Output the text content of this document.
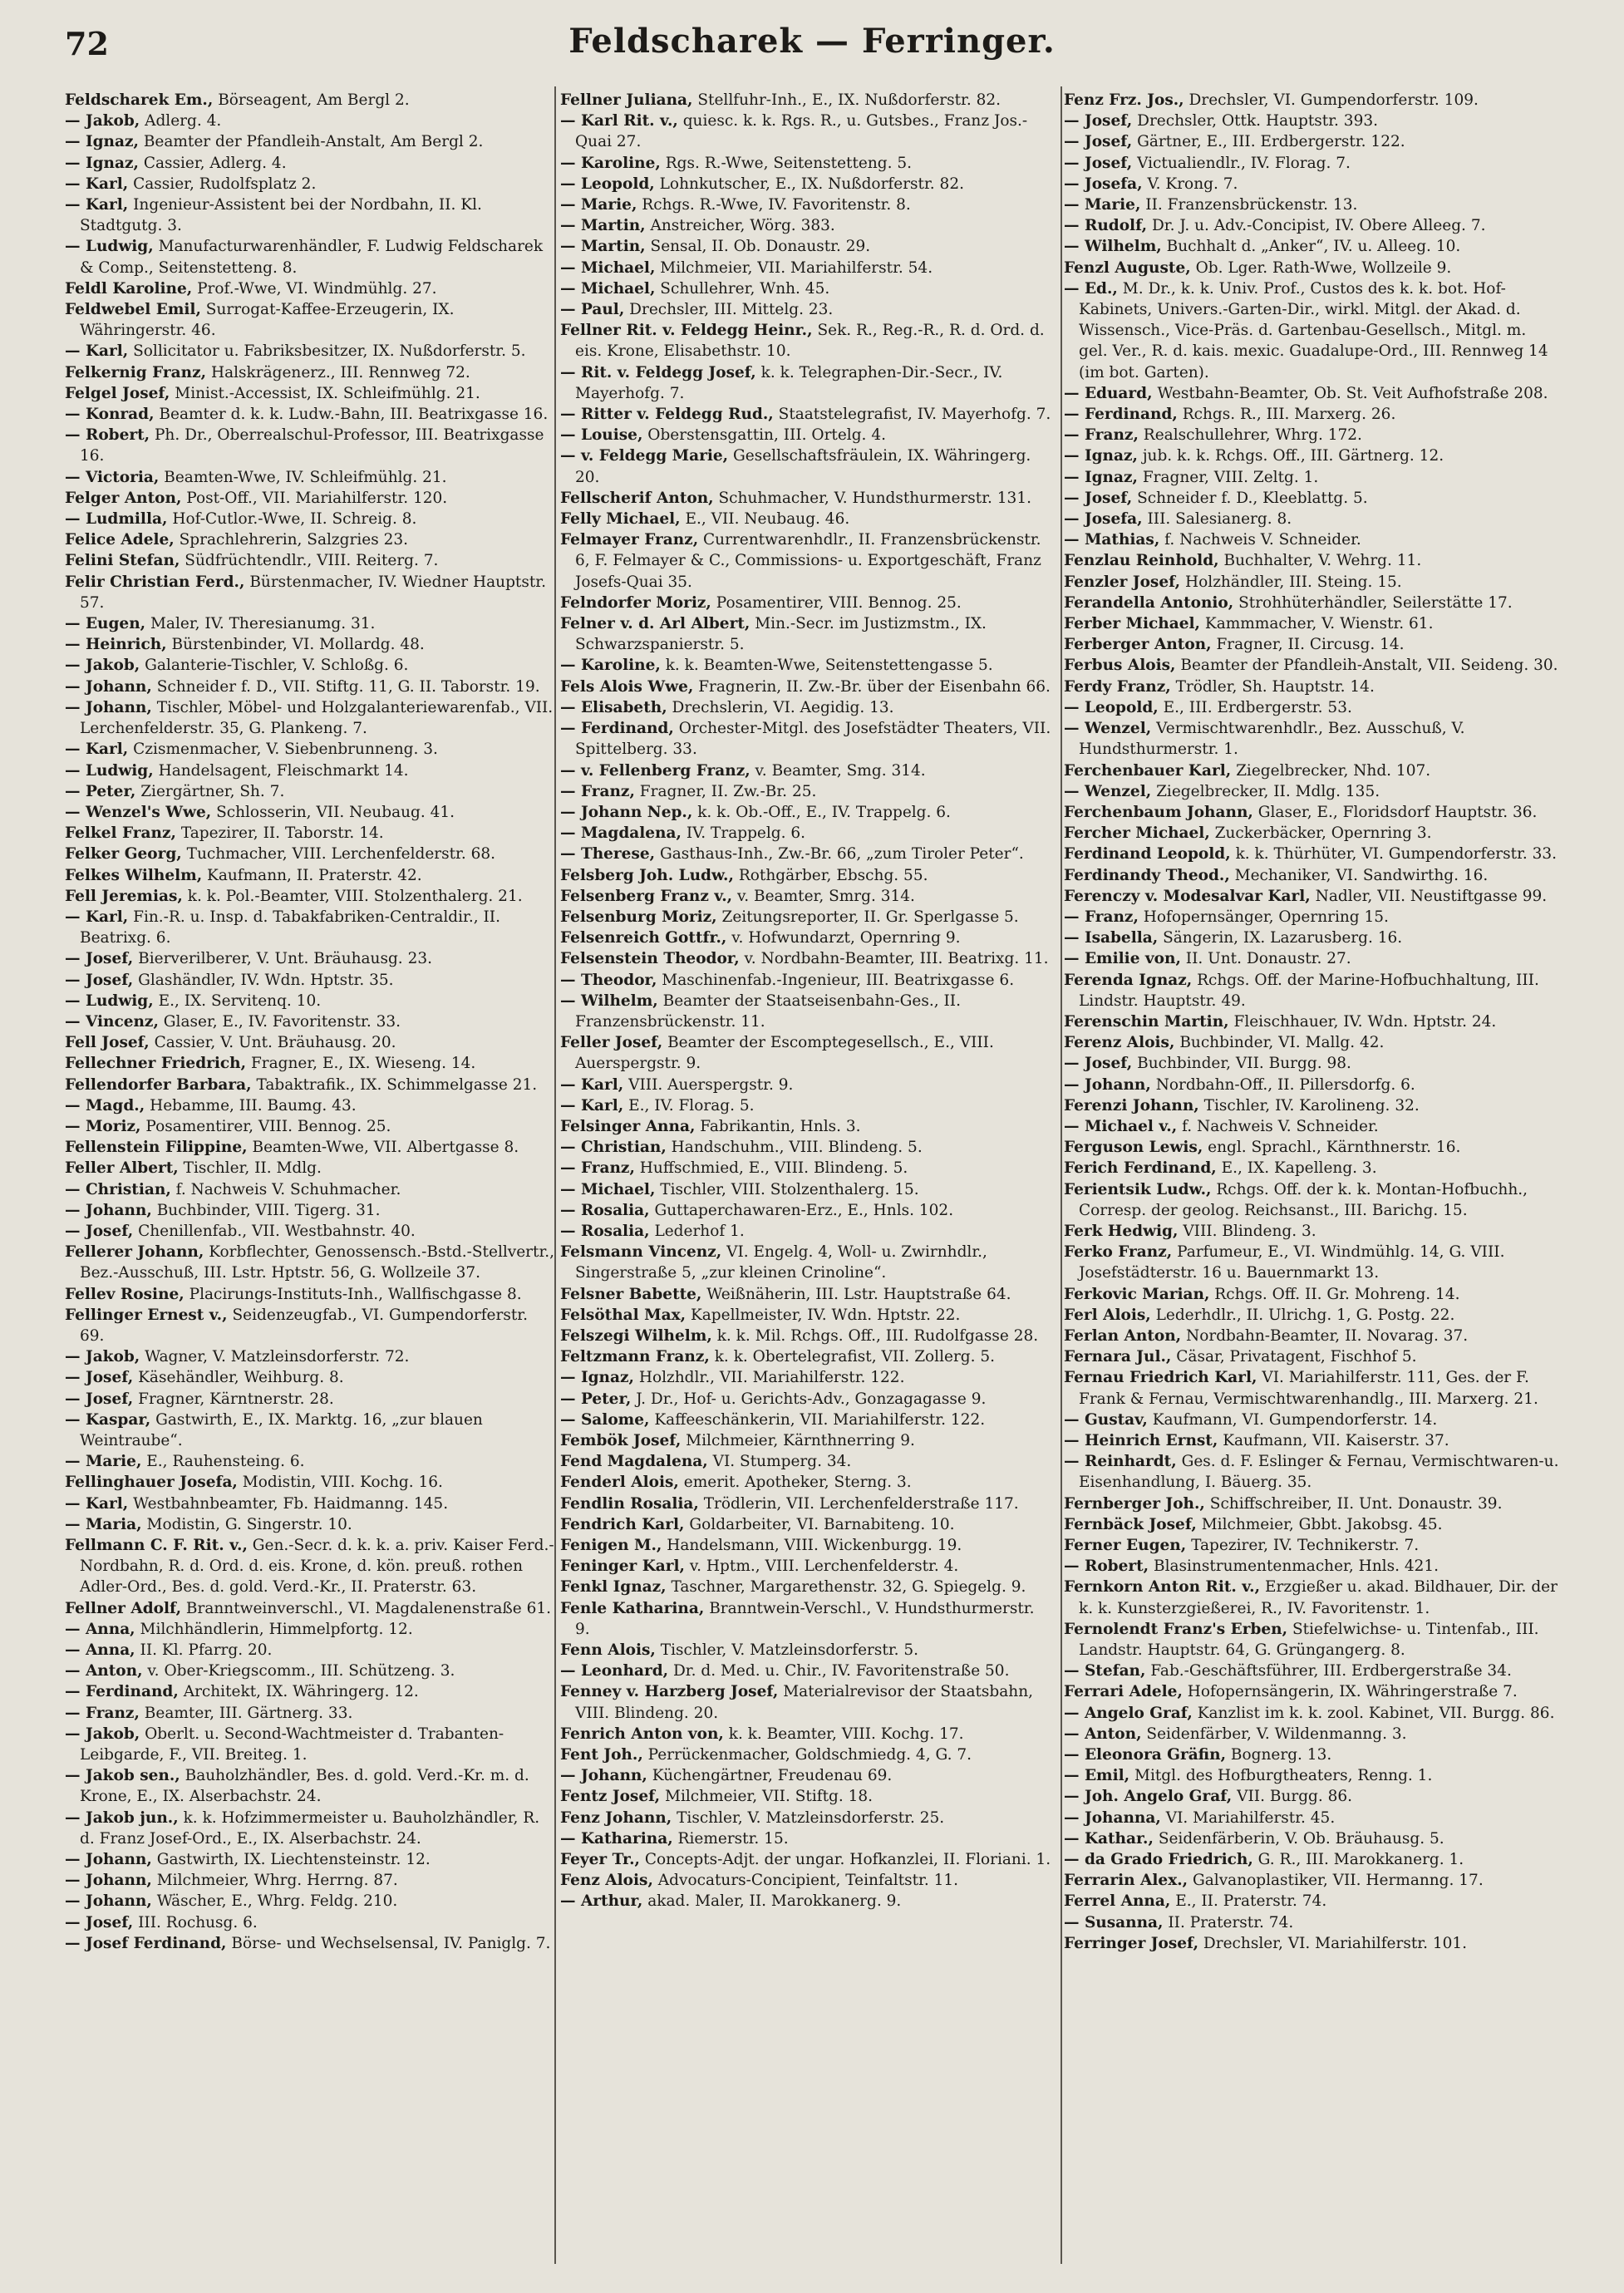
72	Feldscharek — Ferringer.

Feldscharek Em., Börseagent, Am Bergl 2.

— Jakob, Adlerg. 4.

— Ignaz, Beamter der Pfandleih-Anstalt, Am Bergl 2.

— Ignaz, Cassier, Adlerg. 4.

— Karl, Cassier, Rudolfsplatz 2.

— Karl, Ingenieur-Assistent bei der Nordbahn, II. Kl. Stadtgutg. 3.

— Ludwig, Manufacturwarenhändler, F. Ludwig Feldscharek & Comp., Seitenstetteng. 8.

Feldl Karoline, Prof.-Wwe, VI. Windmühlg. 27.

Feldwebel Emil, Surrogat-Kaffee-Erzeugerin, IX. Währingerstr. 46.

— Karl, Sollicitator u. Fabriksbesitzer, IX. Nußdorferstr. 5.

Felkernig Franz, Halskrägenerz., III. Rennweg 72.

Felgel Josef, Minist.-Accessist, IX. Schleifmühlg. 21.

— Konrad, Beamter d. k. k. Ludw.-Bahn, III. Beatrixgasse 16.

— Robert, Ph. Dr., Oberrealschul-Professor, III. Beatrixgasse 16.

— Victoria, Beamten-Wwe, IV. Schleifmühlg. 21.

Felger Anton, Post-Off., VII. Mariahilferstr. 120.

— Ludmilla, Hof-Cutlor.-Wwe, II. Schreig. 8.

Felice Adele, Sprachlehrerin, Salzgries 23.

Felini Stefan, Südfrüchtendlr., VIII. Reiterg. 7.

Felir Christian Ferd., Bürstenmacher, IV. Wiedner Hauptstr. 57.

— Eugen, Maler, IV. Theresianumg. 31.

— Heinrich, Bürstenbinder, VI. Mollardg. 48.

— Jakob, Galanterie-Tischler, V. Schloßg. 6.

— Johann, Schneider f. D., VII. Stiftg. 11, G. II. Taborstr. 19.

— Johann, Tischler, Möbel- und Holzgalanteriewarenfab., VII. Lerchenfelderstr. 35, G. Plankeng. 7.

— Karl, Czismenmacher, V. Siebenbrunneng. 3.

— Ludwig, Handelsagent, Fleischmarkt 14.

— Peter, Ziergärtner, Sh. 7.

— Wenzel's Wwe, Schlosserin, VII. Neubaug. 41.

Felkel Franz, Tapezirer, II. Taborstr. 14.

Felker Georg, Tuchmacher, VIII. Lerchenfelderstr. 68.

Felkes Wilhelm, Kaufmann, II. Praterstr. 42.

Fell Jeremias, k. k. Pol.-Beamter, VIII. Stolzenthalerg. 21.

— Karl, Fin.-R. u. Insp. d. Tabakfabriken-Centraldir., II. Beatrixg. 6.

— Josef, Bierverilberer, V. Unt. Bräuhausg. 23.

— Josef, Glashändler, IV. Wdn. Hptstr. 35.

— Ludwig, E., IX. Servitenq. 10.

— Vincenz, Glaser, E., IV. Favoritenstr. 33.

Fell Josef, Cassier, V. Unt. Bräuhausg. 20.

Fellechner Friedrich, Fragner, E., IX. Wieseng. 14.

Fellendorfer Barbara, Tabaktrafik., IX. Schimmelgasse 21.

— Magd., Hebamme, III. Baumg. 43.

— Moriz, Posamentirer, VIII. Bennog. 25.

Fellenstein Filippine, Beamten-Wwe, VII. Albertgasse 8.

Feller Albert, Tischler, II. Mdlg.

— Christian, f. Nachweis V. Schuhmacher.

— Johann, Buchbinder, VIII. Tigerg. 31.

— Josef, Chenillenfab., VII. Westbahnstr. 40.

Fellerer Johann, Korbflechter, Genossensch.-Bstd.-Stellvertr., Bez.-Ausschuß, III. Lstr. Hptstr. 56, G. Wollzeile 37.

Fellev Rosine, Placirungs-Instituts-Inh., Wallfischgasse 8.

Fellinger Ernest v., Seidenzeugfab., VI. Gumpendorferstr. 69.

— Jakob, Wagner, V. Matzleinsdorferstr. 72.

— Josef, Käsehändler, Weihburg. 8.

— Josef, Fragner, Kärntnerstr. 28.

— Kaspar, Gastwirth, E., IX. Marktg. 16, „zur blauen Weintraube“.

— Marie, E., Rauhensteing. 6.

Fellinghauer Josefa, Modistin, VIII. Kochg. 16.

— Karl, Westbahnbeamter, Fb. Haidmanng. 145.

— Maria, Modistin, G. Singerstr. 10.

Fellmann C. F. Rit. v., Gen.-Secr. d. k. k. a. priv. Kaiser Ferd.-Nordbahn, R. d. Ord. d. eis. Krone, d. kön. preuß. rothen Adler-Ord., Bes. d. gold. Verd.-Kr., II. Praterstr. 63.

Fellner Adolf, Branntweinverschl., VI. Magdalenenstraße 61.

— Anna, Milchhändlerin, Himmelpfortg. 12.

— Anna, II. Kl. Pfarrg. 20.

— Anton, v. Ober-Kriegscomm., III. Schützeng. 3.

— Ferdinand, Architekt, IX. Währingerg. 12.

— Franz, Beamter, III. Gärtnerg. 33.

— Jakob, Oberlt. u. Second-Wachtmeister d. Trabanten-Leibgarde, F., VII. Breiteg. 1.

— Jakob sen., Bauholzhändler, Bes. d. gold. Verd.-Kr. m. d. Krone, E., IX. Alserbachstr. 24.

— Jakob jun., k. k. Hofzimmermeister u. Bauholzhändler, R. d. Franz Josef-Ord., E., IX. Alserbachstr. 24.

— Johann, Gastwirth, IX. Liechtensteinstr. 12.

— Johann, Milchmeier, Whrg. Herrng. 87.

— Johann, Wäscher, E., Whrg. Feldg. 210.

— Josef, III. Rochusg. 6.

— Josef Ferdinand, Börse- und Wechselsensal, IV. Paniglg. 7.

Fellner Juliana, Stellfuhr-Inh., E., IX. Nußdorferstr. 82.

— Karl Rit. v., quiesc. k. k. Rgs. R., u. Gutsbes., Franz Jos.-Quai 27.

— Karoline, Rgs. R.-Wwe, Seitenstetteng. 5.

— Leopold, Lohnkutscher, E., IX. Nußdorferstr. 82.

— Marie, Rchgs. R.-Wwe, IV. Favoritenstr. 8.

— Martin, Anstreicher, Wörg. 383.

— Martin, Sensal, II. Ob. Donaustr. 29.

— Michael, Milchmeier, VII. Mariahilferstr. 54.

— Michael, Schullehrer, Wnh. 45.

— Paul, Drechsler, III. Mittelg. 23.

Fellner Rit. v. Feldegg Heinr., Sek. R., Reg.-R., R. d. Ord. d. eis. Krone, Elisabethstr. 10.

— Rit. v. Feldegg Josef, k. k. Telegraphen-Dir.-Secr., IV. Mayerhofg. 7.

— Ritter v. Feldegg Rud., Staatstelegrafist, IV. Mayerhofg. 7.

— Louise, Oberstensgattin, III. Ortelg. 4.

— v. Feldegg Marie, Gesellschaftsfräulein, IX. Währingerg. 20.

Fellscherif Anton, Schuhmacher, V. Hundsthurmerstr. 131.

Felly Michael, E., VII. Neubaug. 46.

Felmayer Franz, Currentwarenhdlr., II. Franzensbrückenstr. 6, F. Felmayer & C., Commissions- u. Exportgeschäft, Franz Josefs-Quai 35.

Felndorfer Moriz, Posamentirer, VIII. Bennog. 25.

Felner v. d. Arl Albert, Min.-Secr. im Justizmstm., IX. Schwarzspanierstr. 5.

— Karoline, k. k. Beamten-Wwe, Seitenstettengasse 5.

Fels Alois Wwe, Fragnerin, II. Zw.-Br. über der Eisenbahn 66.

— Elisabeth, Drechslerin, VI. Aegidig. 13.

— Ferdinand, Orchester-Mitgl. des Josefstädter Theaters, VII. Spittelberg. 33.

— v. Fellenberg Franz, v. Beamter, Smg. 314.

— Franz, Fragner, II. Zw.-Br. 25.

— Johann Nep., k. k. Ob.-Off., E., IV. Trappelg. 6.

— Magdalena, IV. Trappelg. 6.

— Therese, Gasthaus-Inh., Zw.-Br. 66, „zum Tiroler Peter“.

Felsberg Joh. Ludw., Rothgärber, Ebschg. 55.

Felsenberg Franz v., v. Beamter, Smrg. 314.

Felsenburg Moriz, Zeitungsreporter, II. Gr. Sperlgasse 5.

Felsenreich Gottfr., v. Hofwundarzt, Opernring 9.

Felsenstein Theodor, v. Nordbahn-Beamter, III. Beatrixg. 11.

— Theodor, Maschinenfab.-Ingenieur, III. Beatrixgasse 6.

— Wilhelm, Beamter der Staatseisenbahn-Ges., II. Franzensbrückenstr. 11.

Feller Josef, Beamter der Escomptegesellsch., E., VIII. Auerspergstr. 9.

— Karl, VIII. Auerspergstr. 9.

— Karl, E., IV. Florag. 5.

Felsinger Anna, Fabrikantin, Hnls. 3.

— Christian, Handschuhm., VIII. Blindeng. 5.

— Franz, Huffschmied, E., VIII. Blindeng. 5.

— Michael, Tischler, VIII. Stolzenthalerg. 15.

— Rosalia, Guttaperchawaren-Erz., E., Hnls. 102.

— Rosalia, Lederhof 1.

Felsmann Vincenz, VI. Engelg. 4, Woll- u. Zwirnhdlr., Singerstraße 5, „zur kleinen Crinoline“.

Felsner Babette, Weißnäherin, III. Lstr. Hauptstraße 64.

Felsöthal Max, Kapellmeister, IV. Wdn. Hptstr. 22.

Felszegi Wilhelm, k. k. Mil. Rchgs. Off., III. Rudolfgasse 28.

Feltzmann Franz, k. k. Obertelegrafist, VII. Zollerg. 5.

— Ignaz, Holzhdlr., VII. Mariahilferstr. 122.

— Peter, J. Dr., Hof- u. Gerichts-Adv., Gonzagagasse 9.

— Salome, Kaffeeschänkerin, VII. Mariahilferstr. 122.

Fembök Josef, Milchmeier, Kärnthnerring 9.

Fend Magdalena, VI. Stumperg. 34.

Fenderl Alois, emerit. Apotheker, Sterng. 3.

Fendlin Rosalia, Trödlerin, VII. Lerchenfelderstraße 117.

Fendrich Karl, Goldarbeiter, VI. Barnabiteng. 10.

Fenigen M., Handelsmann, VIII. Wickenburgg. 19.

Feninger Karl, v. Hptm., VIII. Lerchenfelderstr. 4.

Fenkl Ignaz, Taschner, Margarethenstr. 32, G. Spiegelg. 9.

Fenle Katharina, Branntwein-Verschl., V. Hundsthurmerstr. 9.

Fenn Alois, Tischler, V. Matzleinsdorferstr. 5.

— Leonhard, Dr. d. Med. u. Chir., IV. Favoritenstraße 50.

Fenney v. Harzberg Josef, Materialrevisor der Staatsbahn, VIII. Blindeng. 20.

Fenrich Anton von, k. k. Beamter, VIII. Kochg. 17.

Fent Joh., Perrückenmacher, Goldschmiedg. 4, G. 7.

— Johann, Küchengärtner, Freudenau 69.

Fentz Josef, Milchmeier, VII. Stiftg. 18.

Fenz Johann, Tischler, V. Matzleinsdorferstr. 25.

— Katharina, Riemerstr. 15.

Feyer Tr., Concepts-Adjt. der ungar. Hofkanzlei, II. Floriani. 1.

Fenz Alois, Advocaturs-Concipient, Teinfaltstr. 11.

— Arthur, akad. Maler, II. Marokkanerg. 9.

Fenz Frz. Jos., Drechsler, VI. Gumpendorferstr. 109.

— Josef, Drechsler, Ottk. Hauptstr. 393.

— Josef, Gärtner, E., III. Erdbergerstr. 122.

— Josef, Victualiendlr., IV. Florag. 7.

— Josefa, V. Krong. 7.

— Marie, II. Franzensbrückenstr. 13.

— Rudolf, Dr. J. u. Adv.-Concipist, IV. Obere Alleeg. 7.

— Wilhelm, Buchhalt d. „Anker“, IV. u. Alleeg. 10.

Fenzl Auguste, Ob. Lger. Rath-Wwe, Wollzeile 9.

— Ed., M. Dr., k. k. Univ. Prof., Custos des k. k. bot. Hof-Kabinets, Univers.-Garten-Dir., wirkl. Mitgl. der Akad. d. Wissensch., Vice-Präs. d. Gartenbau-Gesellsch., Mitgl. m. gel. Ver., R. d. kais. mexic. Guadalupe-Ord., III. Rennweg 14 (im bot. Garten).

— Eduard, Westbahn-Beamter, Ob. St. Veit Aufhofstraße 208.

— Ferdinand, Rchgs. R., III. Marxerg. 26.

— Franz, Realschullehrer, Whrg. 172.

— Ignaz, jub. k. k. Rchgs. Off., III. Gärtnerg. 12.

— Ignaz, Fragner, VIII. Zeltg. 1.

— Josef, Schneider f. D., Kleeblattg. 5.

— Josefa, III. Salesianerg. 8.

— Mathias, f. Nachweis V. Schneider.

Fenzlau Reinhold, Buchhalter, V. Wehrg. 11.

Fenzler Josef, Holzhändler, III. Steing. 15.

Ferandella Antonio, Strohhüterhändler, Seilerstätte 17.

Ferber Michael, Kammmacher, V. Wienstr. 61.

Ferberger Anton, Fragner, II. Circusg. 14.

Ferbus Alois, Beamter der Pfandleih-Anstalt, VII. Seideng. 30.

Ferdy Franz, Trödler, Sh. Hauptstr. 14.

— Leopold, E., III. Erdbergerstr. 53.

— Wenzel, Vermischtwarenhdlr., Bez. Ausschuß, V. Hundsthurmerstr. 1.

Ferchenbauer Karl, Ziegelbrecker, Nhd. 107.

— Wenzel, Ziegelbrecker, II. Mdlg. 135.

Ferchenbaum Johann, Glaser, E., Floridsdorf Hauptstr. 36.

Fercher Michael, Zuckerbäcker, Opernring 3.

Ferdinand Leopold, k. k. Thürhüter, VI. Gumpendorferstr. 33.

Ferdinandy Theod., Mechaniker, VI. Sandwirthg. 16.

Ferenczy v. Modesalvar Karl, Nadler, VII. Neustiftgasse 99.

— Franz, Hofopernsänger, Opernring 15.

— Isabella, Sängerin, IX. Lazarusberg. 16.

— Emilie von, II. Unt. Donaustr. 27.

Ferenda Ignaz, Rchgs. Off. der Marine-Hofbuchhaltung, III. Lindstr. Hauptstr. 49.

Ferenschin Martin, Fleischhauer, IV. Wdn. Hptstr. 24.

Ferenz Alois, Buchbinder, VI. Mallg. 42.

— Josef, Buchbinder, VII. Burgg. 98.

— Johann, Nordbahn-Off., II. Pillersdorfg. 6.

Ferenzi Johann, Tischler, IV. Karolineng. 32.

— Michael v., f. Nachweis V. Schneider.

Ferguson Lewis, engl. Sprachl., Kärnthnerstr. 16.

Ferich Ferdinand, E., IX. Kapelleng. 3.

Ferientsik Ludw., Rchgs. Off. der k. k. Montan-Hofbuchh., Corresp. der geolog. Reichsanst., III. Barichg. 15.

Ferk Hedwig, VIII. Blindeng. 3.

Ferko Franz, Parfumeur, E., VI. Windmühlg. 14, G. VIII. Josefstädterstr. 16 u. Bauernmarkt 13.

Ferkovic Marian, Rchgs. Off. II. Gr. Mohreng. 14.

Ferl Alois, Lederhdlr., II. Ulrichg. 1, G. Postg. 22.

Ferlan Anton, Nordbahn-Beamter, II. Novarag. 37.

Fernara Jul., Cäsar, Privatagent, Fischhof 5.

Fernau Friedrich Karl, VI. Mariahilferstr. 111, Ges. der F. Frank & Fernau, Vermischtwarenhandlg., III. Marxerg. 21.

— Gustav, Kaufmann, VI. Gumpendorferstr. 14.

— Heinrich Ernst, Kaufmann, VII. Kaiserstr. 37.

— Reinhardt, Ges. d. F. Eslinger & Fernau, Vermischtwaren-u. Eisenhandlung, I. Bäuerg. 35.

Fernberger Joh., Schiffschreiber, II. Unt. Donaustr. 39.

Fernbäck Josef, Milchmeier, Gbbt. Jakobsg. 45.

Ferner Eugen, Tapezirer, IV. Technikerstr. 7.

— Robert, Blasinstrumentenmacher, Hnls. 421.

Fernkorn Anton Rit. v., Erzgießer u. akad. Bildhauer, Dir. der k. k. Kunsterzgießerei, R., IV. Favoritenstr. 1.

Fernolendt Franz's Erben, Stiefelwichse- u. Tintenfab., III. Landstr. Hauptstr. 64, G. Grüngangerg. 8.

— Stefan, Fab.-Geschäftsführer, III. Erdbergerstraße 34.

Ferrari Adele, Hofopernsängerin, IX. Währingerstraße 7.

— Angelo Graf, Kanzlist im k. k. zool. Kabinet, VII. Burgg. 86.

— Anton, Seidenfärber, V. Wildenmanng. 3.

— Eleonora Gräfin, Bognerg. 13.

— Emil, Mitgl. des Hofburgtheaters, Renng. 1.

— Joh. Angelo Graf, VII. Burgg. 86.

— Johanna, VI. Mariahilferstr. 45.

— Kathar., Seidenfärberin, V. Ob. Bräuhausg. 5.

— da Grado Friedrich, G. R., III. Marokkanerg. 1.

Ferrarin Alex., Galvanoplastiker, VII. Hermanng. 17.

Ferrel Anna, E., II. Praterstr. 74.

— Susanna, II. Praterstr. 74.

Ferringer Josef, Drechsler, VI. Mariahilferstr. 101.
